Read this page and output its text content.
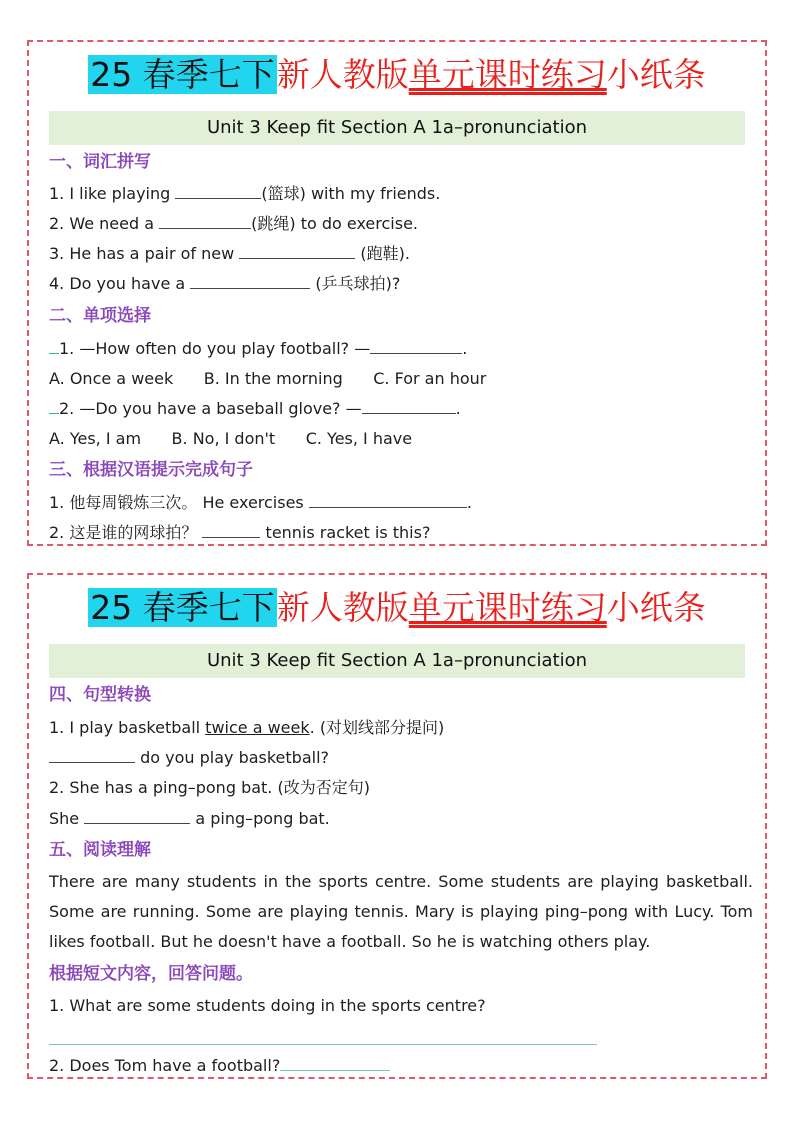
25 春季七下新人教版单元课时练习小纸条
Unit 3 Keep fit Section A 1a–pronunciation
一、词汇拼写
1. I like playing	(篮球) with my friends.
2. We need a	(跳绳) to do exercise.
3. He has a pair of new	(跑鞋).
4. Do you have a	(乒乓球拍)?
二、单项选择
1. —How often do you play football? —	.
A. Once a week      B. In the morning      C. For an hour
2. —Do you have a baseball glove? —	.
A. Yes, I am      B. No, I don't      C. Yes, I have
三、根据汉语提示完成句子
1. 他每周锻炼三次。 He exercises	.
2. 这是谁的网球拍？	tennis racket is this?
25 春季七下新人教版单元课时练习小纸条
Unit 3 Keep fit Section A 1a–pronunciation
四、句型转换
1. I play basketball twice a week. (对划线部分提问)
do you play basketball?
2. She has a ping–pong bat. (改为否定句)
She	a ping–pong bat.
五、阅读理解
There are many students in the sports centre. Some students are playing basketball. Some are running. Some are playing tennis. Mary is playing ping–pong with Lucy. Tom likes football. But he doesn't have a football. So he is watching others play.
根据短文内容，回答问题。
1. What are some students doing in the sports centre?
2. Does Tom have a football?
